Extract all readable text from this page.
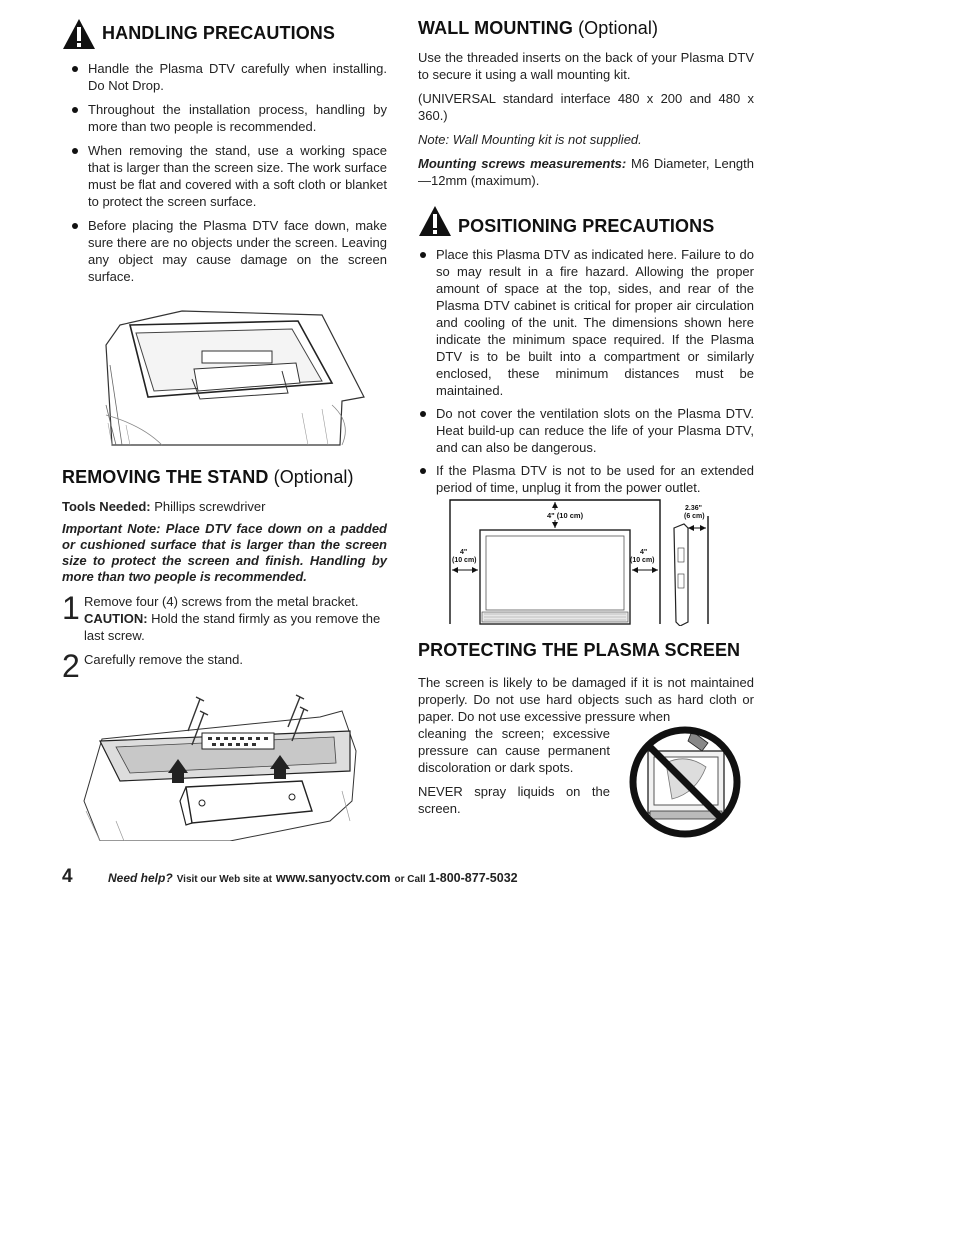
HANDLING PRECAUTIONS
Handle the Plasma DTV carefully when installing. Do Not Drop.
Throughout the installation process, handling by more than two people is recommended.
When removing the stand, use a working space that is larger than the screen size. The work surface must be flat and covered with a soft cloth or blanket to protect the screen surface.
Before placing the Plasma DTV face down, make sure there are no objects under the screen. Leaving any object may cause damage on the screen surface.
REMOVING THE STAND (Optional)

Tools Needed: Phillips screwdriver

Important Note: Place DTV face down on a padded or cushioned surface that is larger than the screen size to protect the screen and finish. Handling by more than two people is recommended.

1 Remove four (4) screws from the metal bracket. CAUTION: Hold the stand firmly as you remove the last screw.

2 Carefully remove the stand.

WALL MOUNTING (Optional)

Use the threaded inserts on the back of your Plasma DTV to secure it using a wall mounting kit.

(UNIVERSAL standard interface 480 x 200 and 480 x 360.)

Note: Wall Mounting kit is not supplied.

Mounting screws measurements: M6 Diameter, Length—12mm (maximum).

POSITIONING PRECAUTIONS
Place this Plasma DTV as indicated here. Failure to do so may result in a fire hazard. Allowing the proper amount of space at the top, sides, and rear of the Plasma DTV cabinet is critical for proper air circulation and cooling of the unit. The dimensions shown here indicate the minimum space required. If the Plasma DTV is to be built into a compartment or similarly enclosed, these minimum distances must be maintained.
Do not cover the ventilation slots on the Plasma DTV. Heat build-up can reduce the life of your Plasma DTV, and can also be dangerous.
If the Plasma DTV is not to be used for an extended period of time, unplug it from the power outlet.
4" (10 cm)
4"
(10 cm)
4"
(10 cm)
2.36"
(6 cm)
PROTECTING THE PLASMA SCREEN

The screen is likely to be damaged if it is not maintained properly. Do not use hard objects such as hard cloth or paper. Do not use excessive pressure when

cleaning the screen; excessive pressure can cause permanent discoloration or dark spots.

NEVER spray liquids on the screen.

4	Need help? Visit our Web site at www.sanyoctv.com or Call 1-800-877-5032
